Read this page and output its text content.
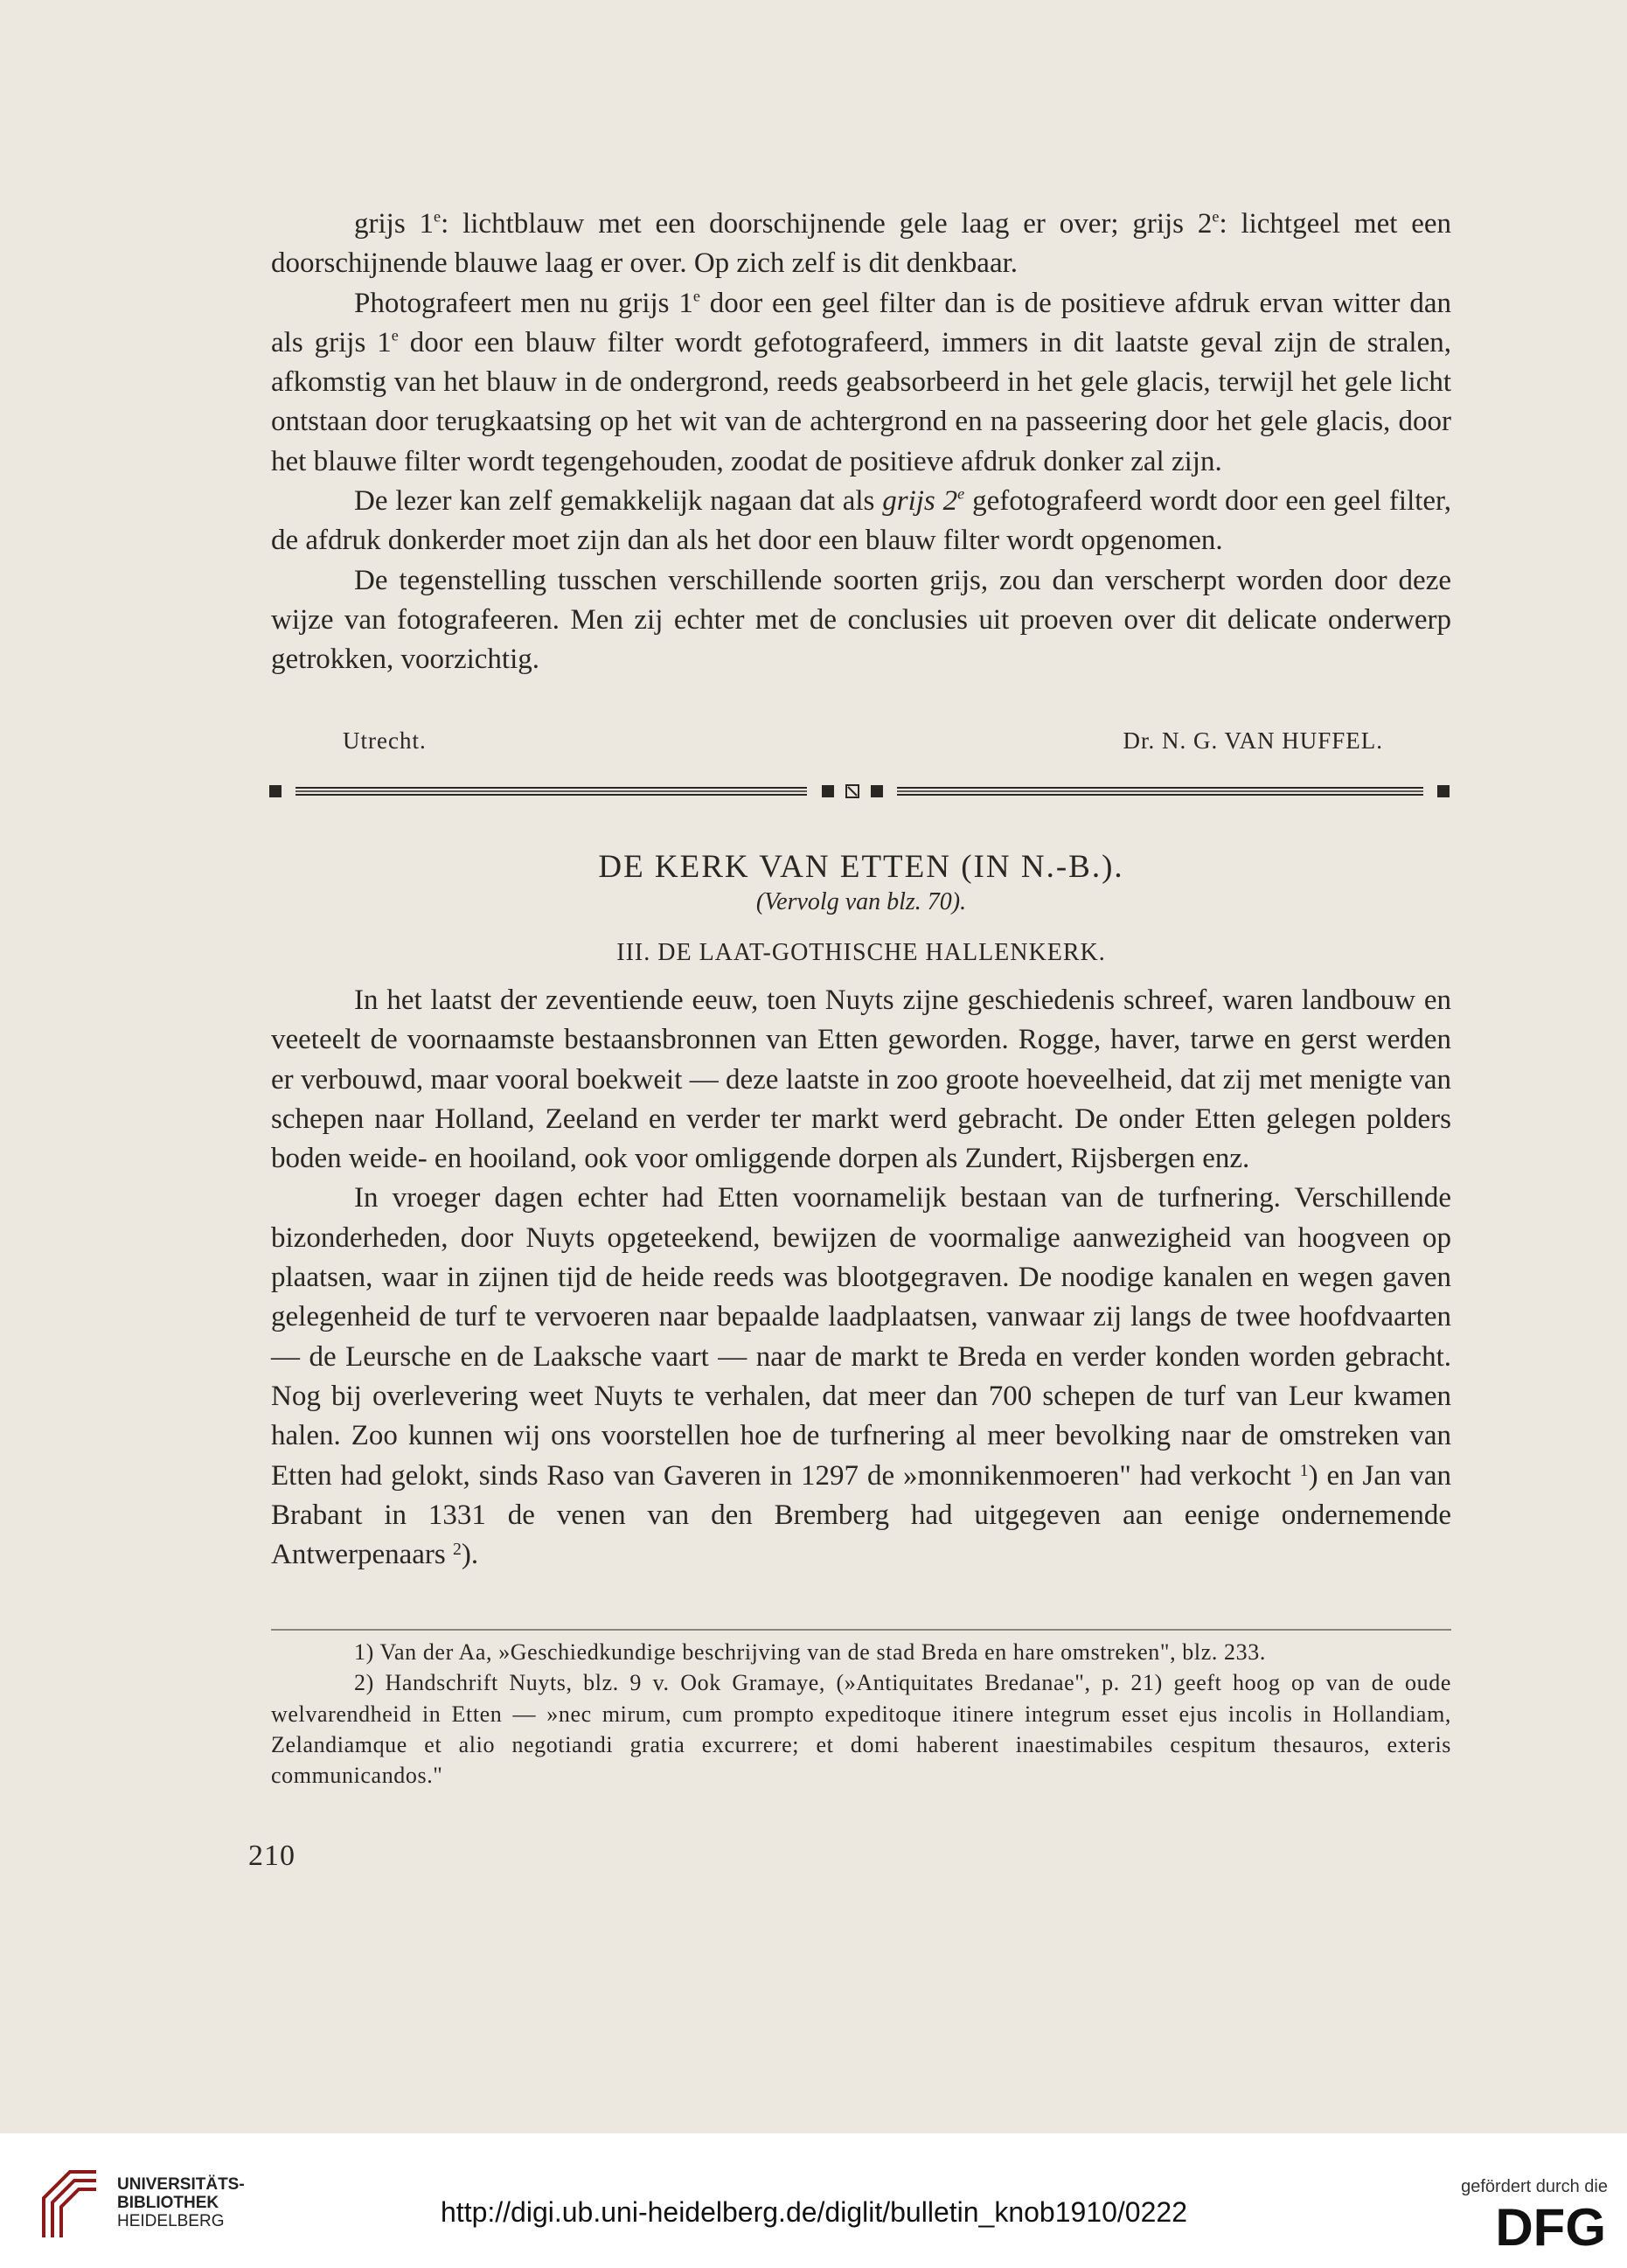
grijs 1e: lichtblauw met een doorschijnende gele laag er over; grijs 2e: lichtgeel met een doorschijnende blauwe laag er over. Op zich zelf is dit denkbaar.

Photografeert men nu grijs 1e door een geel filter dan is de positieve afdruk ervan witter dan als grijs 1e door een blauw filter wordt gefotografeerd, immers in dit laatste geval zijn de stralen, afkomstig van het blauw in de ondergrond, reeds geabsorbeerd in het gele glacis, terwijl het gele licht ontstaan door terugkaatsing op het wit van de achtergrond en na passeering door het gele glacis, door het blauwe filter wordt tegengehouden, zoodat de positieve afdruk donker zal zijn.

De lezer kan zelf gemakkelijk nagaan dat als grijs 2e gefotografeerd wordt door een geel filter, de afdruk donkerder moet zijn dan als het door een blauw filter wordt opgenomen.

De tegenstelling tusschen verschillende soorten grijs, zou dan verscherpt worden door deze wijze van fotografeeren. Men zij echter met de conclusies uit proeven over dit delicate onderwerp getrokken, voorzichtig.

Utrecht.	Dr. N. G. VAN HUFFEL.
DE KERK VAN ETTEN (IN N.-B.).
(Vervolg van blz. 70).
III. DE LAAT-GOTHISCHE HALLENKERK.

In het laatst der zeventiende eeuw, toen Nuyts zijne geschiedenis schreef, waren landbouw en veeteelt de voornaamste bestaansbronnen van Etten geworden. Rogge, haver, tarwe en gerst werden er verbouwd, maar vooral boekweit — deze laatste in zoo groote hoeveelheid, dat zij met menigte van schepen naar Holland, Zeeland en verder ter markt werd gebracht. De onder Etten gelegen polders boden weide- en hooiland, ook voor omliggende dorpen als Zundert, Rijsbergen enz.

In vroeger dagen echter had Etten voornamelijk bestaan van de turfnering. Verschillende bizonderheden, door Nuyts opgeteekend, bewijzen de voormalige aanwezigheid van hoogveen op plaatsen, waar in zijnen tijd de heide reeds was blootgegraven. De noodige kanalen en wegen gaven gelegenheid de turf te vervoeren naar bepaalde laadplaatsen, vanwaar zij langs de twee hoofdvaarten — de Leursche en de Laaksche vaart — naar de markt te Breda en verder konden worden gebracht. Nog bij overlevering weet Nuyts te verhalen, dat meer dan 700 schepen de turf van Leur kwamen halen. Zoo kunnen wij ons voorstellen hoe de turfnering al meer bevolking naar de omstreken van Etten had gelokt, sinds Raso van Gaveren in 1297 de »monnikenmoeren" had verkocht $^1$) en Jan van Brabant in 1331 de venen van den Bremberg had uitgegeven aan eenige ondernemende Antwerpenaars $^2$).

1) Van der Aa, »Geschiedkundige beschrijving van de stad Breda en hare omstreken", blz. 233.

2) Handschrift Nuyts, blz. 9 v. Ook Gramaye, (»Antiquitates Bredanae", p. 21) geeft hoog op van de oude welvarendheid in Etten — »nec mirum, cum prompto expeditoque itinere integrum esset ejus incolis in Hollandiam, Zelandiamque et alio negotiandi gratia excurrere; et domi haberent inaestimabiles cespitum thesauros, exteris communicandos."

210
UNIVERSITÄTS-
BIBLIOTHEK
HEIDELBERG	http://digi.ub.uni-heidelberg.de/diglit/bulletin_knob1910/0222
gefördert durch die
DFG
